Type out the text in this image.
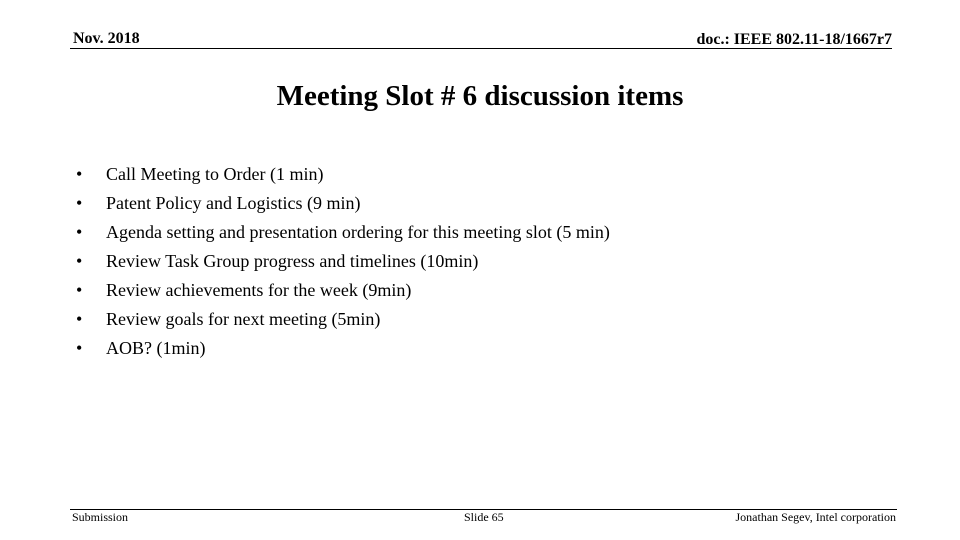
Nov. 2018	doc.: IEEE 802.11-18/1667r7
Meeting Slot # 6 discussion items
•	Call Meeting to Order (1 min)
•	Patent Policy and Logistics (9 min)
•	Agenda setting and presentation ordering for this meeting slot (5 min)
•	Review Task Group progress and timelines (10min)
•	Review achievements for the week (9min)
•	Review goals for next meeting (5min)
•	AOB? (1min)
Submission	Slide 65	Jonathan Segev, Intel corporation
